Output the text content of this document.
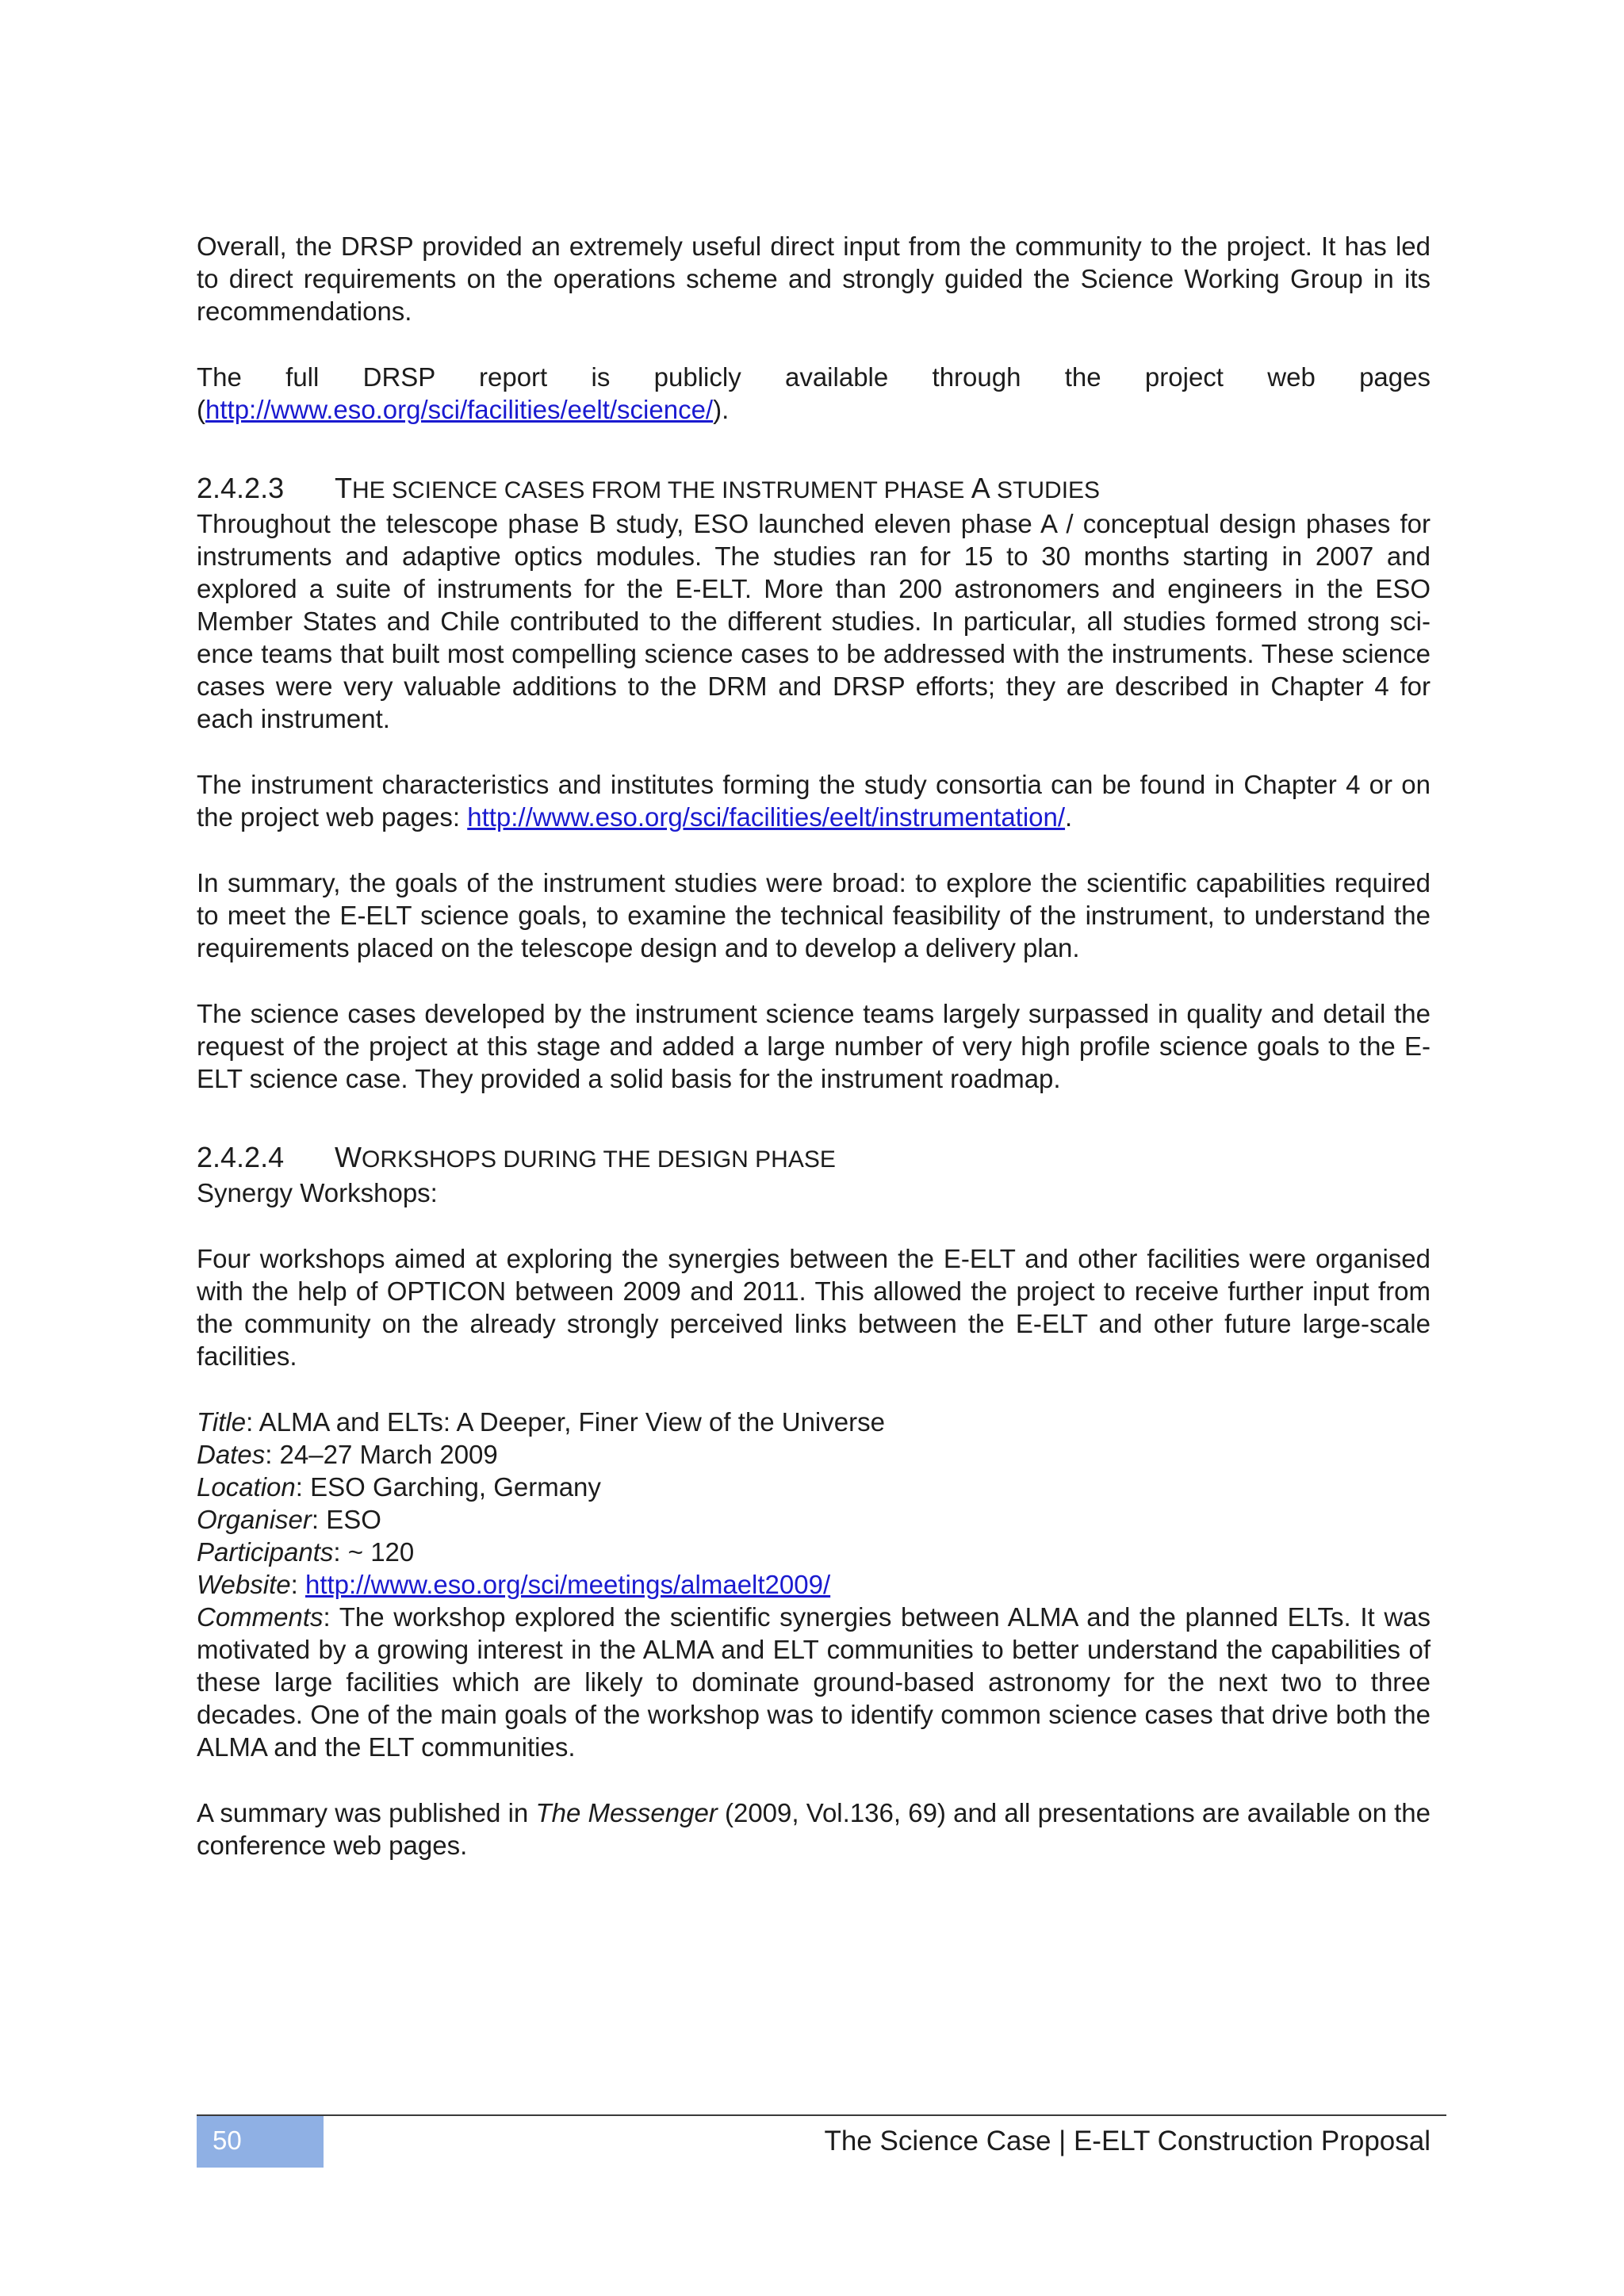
Overall, the DRSP provided an extremely useful direct input from the community to the project. It has led to direct requirements on the operations scheme and strongly guided the Science Working Group in its recommendations.

The full DRSP report is publicly available through the project web pages (http://www.eso.org/sci/facilities/eelt/science/).

2.4.2.3 THE SCIENCE CASES FROM THE INSTRUMENT PHASE A STUDIES

Throughout the telescope phase B study, ESO launched eleven phase A / conceptual design phases for instruments and adaptive optics modules. The studies ran for 15 to 30 months starting in 2007 and explored a suite of instruments for the E-ELT. More than 200 astronomers and engineers in the ESO Member States and Chile contributed to the different studies. In particular, all studies formed strong science teams that built most compelling science cases to be addressed with the instruments. These science cases were very valuable additions to the DRM and DRSP efforts; they are described in Chapter 4 for each instrument.

The instrument characteristics and institutes forming the study consortia can be found in Chapter 4 or on the project web pages: http://www.eso.org/sci/facilities/eelt/instrumentation/.

In summary, the goals of the instrument studies were broad: to explore the scientific capabilities required to meet the E-ELT science goals, to examine the technical feasibility of the instrument, to understand the requirements placed on the telescope design and to develop a delivery plan.

The science cases developed by the instrument science teams largely surpassed in quality and detail the request of the project at this stage and added a large number of very high profile science goals to the E-ELT science case. They provided a solid basis for the instrument roadmap.

2.4.2.4 WORKSHOPS DURING THE DESIGN PHASE

Synergy Workshops:

Four workshops aimed at exploring the synergies between the E-ELT and other facilities were organised with the help of OPTICON between 2009 and 2011. This allowed the project to receive further input from the community on the already strongly perceived links between the E-ELT and other future large-scale facilities.

Title: ALMA and ELTs: A Deeper, Finer View of the Universe

Dates: 24–27 March 2009

Location: ESO Garching, Germany

Organiser: ESO

Participants: ~ 120

Website: http://www.eso.org/sci/meetings/almaelt2009/

Comments: The workshop explored the scientific synergies between ALMA and the planned ELTs. It was motivated by a growing interest in the ALMA and ELT communities to better understand the capabilities of these large facilities which are likely to dominate ground-based astronomy for the next two to three decades. One of the main goals of the workshop was to identify common science cases that drive both the ALMA and the ELT communities.

A summary was published in The Messenger (2009, Vol.136, 69) and all presentations are available on the conference web pages.

50	The Science Case | E-ELT Construction Proposal
